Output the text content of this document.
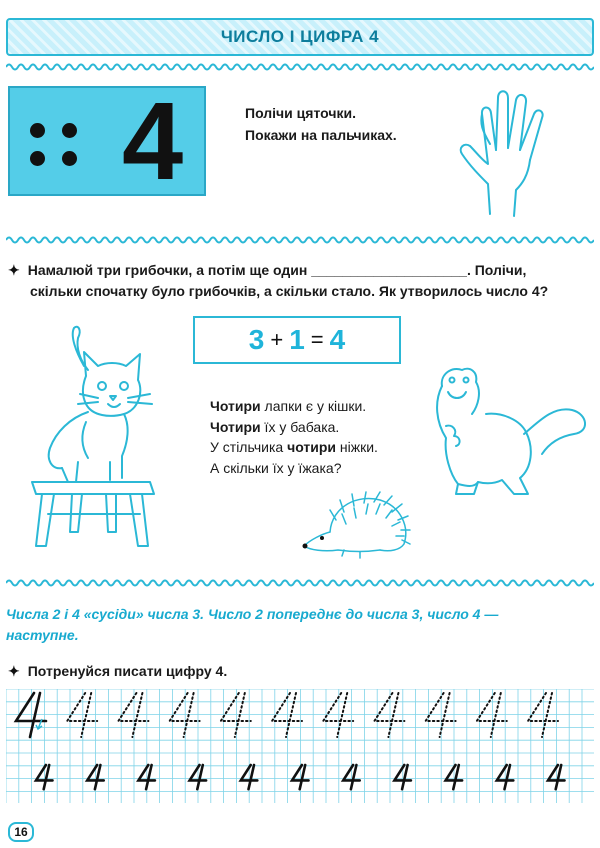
ЧИСЛО І ЦИФРА 4
4	Полічи цяточки.
Покажи на пальчиках.
✦ Намалюй три грибочки, а потім ще один ____________________. Полічи,
скільки спочатку було грибочків, а скільки стало. Як утворилось число 4?
3 + 1 = 4
Чотири лапки є у кішки.
Чотири їх у бабака.
У стільчика чотири ніжки.
А скільки їх у їжака?
Числа 2 і 4 «сусіди» числа 3. Число 2 попереднє до числа 3, число 4 —
наступне.
✦ Потренуйся писати цифру 4.
16
